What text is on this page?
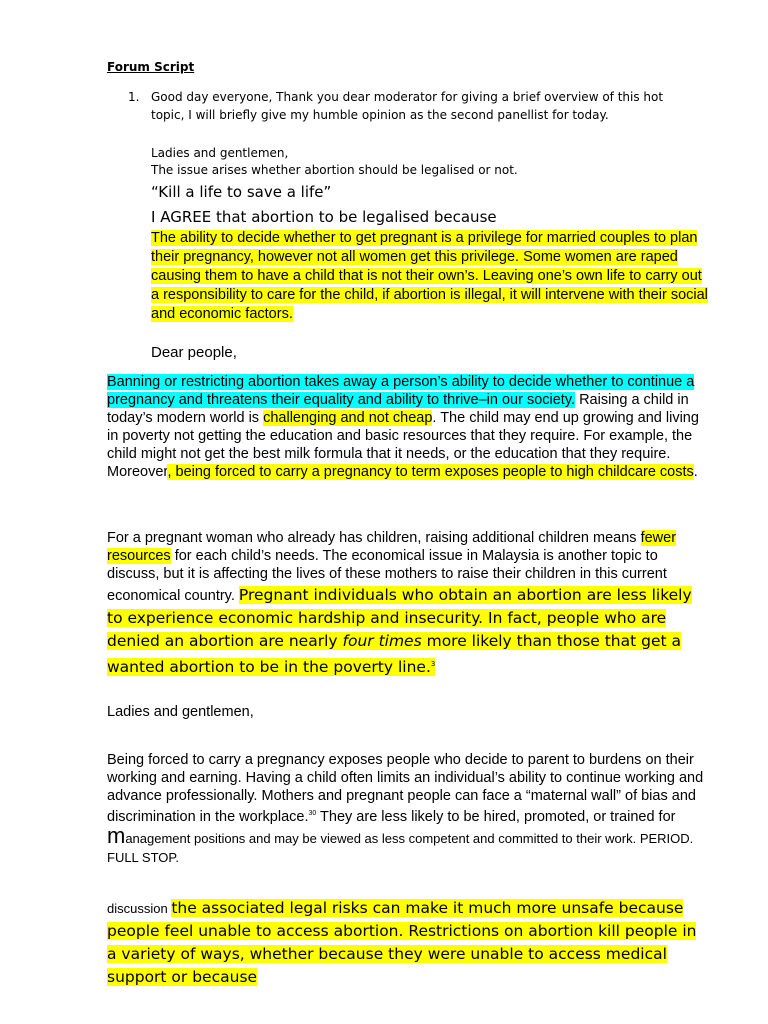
Forum Script

1. Good day everyone, Thank you dear moderator for giving a brief overview of this hot topic, I will briefly give my humble opinion as the second panellist for today.
Ladies and gentlemen,
The issue arises whether abortion should be legalised or not.

“Kill a life to save a life”

I AGREE that abortion to be legalised because

The ability to decide whether to get pregnant is a privilege for married couples to plan their pregnancy, however not all women get this privilege. Some women are raped causing them to have a child that is not their own’s. Leaving one’s own life to carry out a responsibility to care for the child, if abortion is illegal, it will intervene with their social and economic factors.

Dear people,

Banning or restricting abortion takes away a person’s ability to decide whether to continue a pregnancy and threatens their equality and ability to thrive–in our society. Raising a child in today’s modern world is challenging and not cheap. The child may end up growing and living in poverty not getting the education and basic resources that they require. For example, the child might not get the best milk formula that it needs, or the education that they require. Moreover, being forced to carry a pregnancy to term exposes people to high childcare costs.

For a pregnant woman who already has children, raising additional children means fewer resources for each child’s needs. The economical issue in Malaysia is another topic to discuss, but it is affecting the lives of these mothers to raise their children in this current economical country. Pregnant individuals who obtain an abortion are less likely to experience economic hardship and insecurity. In fact, people who are denied an abortion are nearly four times more likely than those that get a wanted abortion to be in the poverty line.$^3$

Ladies and gentlemen,

Being forced to carry a pregnancy exposes people who decide to parent to burdens on their working and earning. Having a child often limits an individual’s ability to continue working and advance professionally. Mothers and pregnant people can face a “maternal wall” of bias and discrimination in the workplace.$^{30}$ They are less likely to be hired, promoted, or trained for management positions and may be viewed as less competent and committed to their work. PERIOD. FULL STOP.

discussion the associated legal risks can make it much more unsafe because people feel unable to access abortion. Restrictions on abortion kill people in a variety of ways, whether because they were unable to access medical support or because
